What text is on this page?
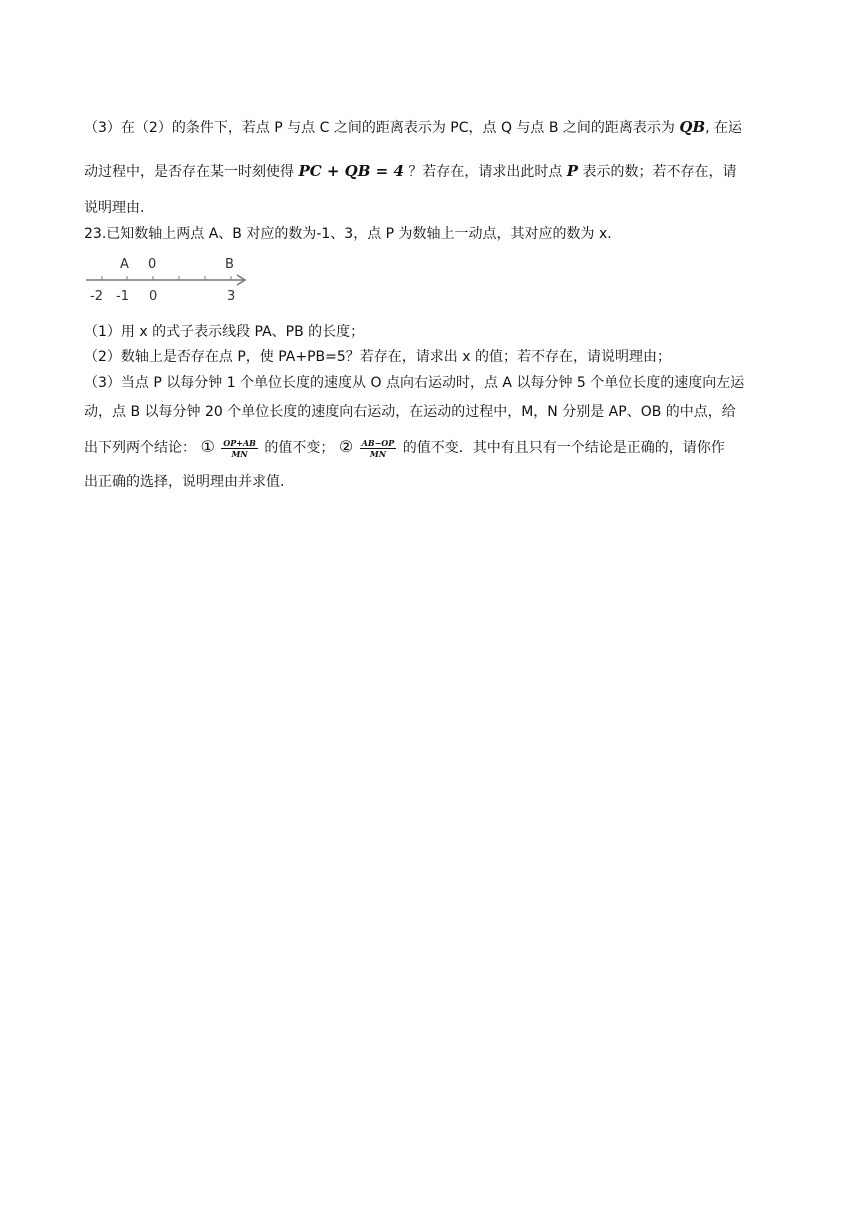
（3）在（2）的条件下，若点 P 与点 C 之间的距离表示为 PC，点 Q 与点 B 之间的距离表示为 QB, 在运
动过程中，是否存在某一时刻使得 PC + QB = 4 ？若存在，请求出此时点 P 表示的数；若不存在，请
说明理由.
23.已知数轴上两点 A、B 对应的数为-1、3，点 P 为数轴上一动点，其对应的数为 x.
A 0	B
-2 -1 0	3
（1）用 x 的式子表示线段 PA、PB 的长度；
（2）数轴上是否存在点 P，使 PA+PB=5？若存在，请求出 x 的值；若不存在，请说明理由；
（3）当点 P 以每分钟 1 个单位长度的速度从 O 点向右运动时，点 A 以每分钟 5 个单位长度的速度向左运
动，点 B 以每分钟 20 个单位长度的速度向右运动，在运动的过程中，M，N 分别是 AP、OB 的中点，给
出下列两个结论： ① $\frac{OP+AB}{MN}$ 的值不变； ② $\frac{AB-OP}{MN}$ 的值不变．其中有且只有一个结论是正确的，请你作
出正确的选择，说明理由并求值.
